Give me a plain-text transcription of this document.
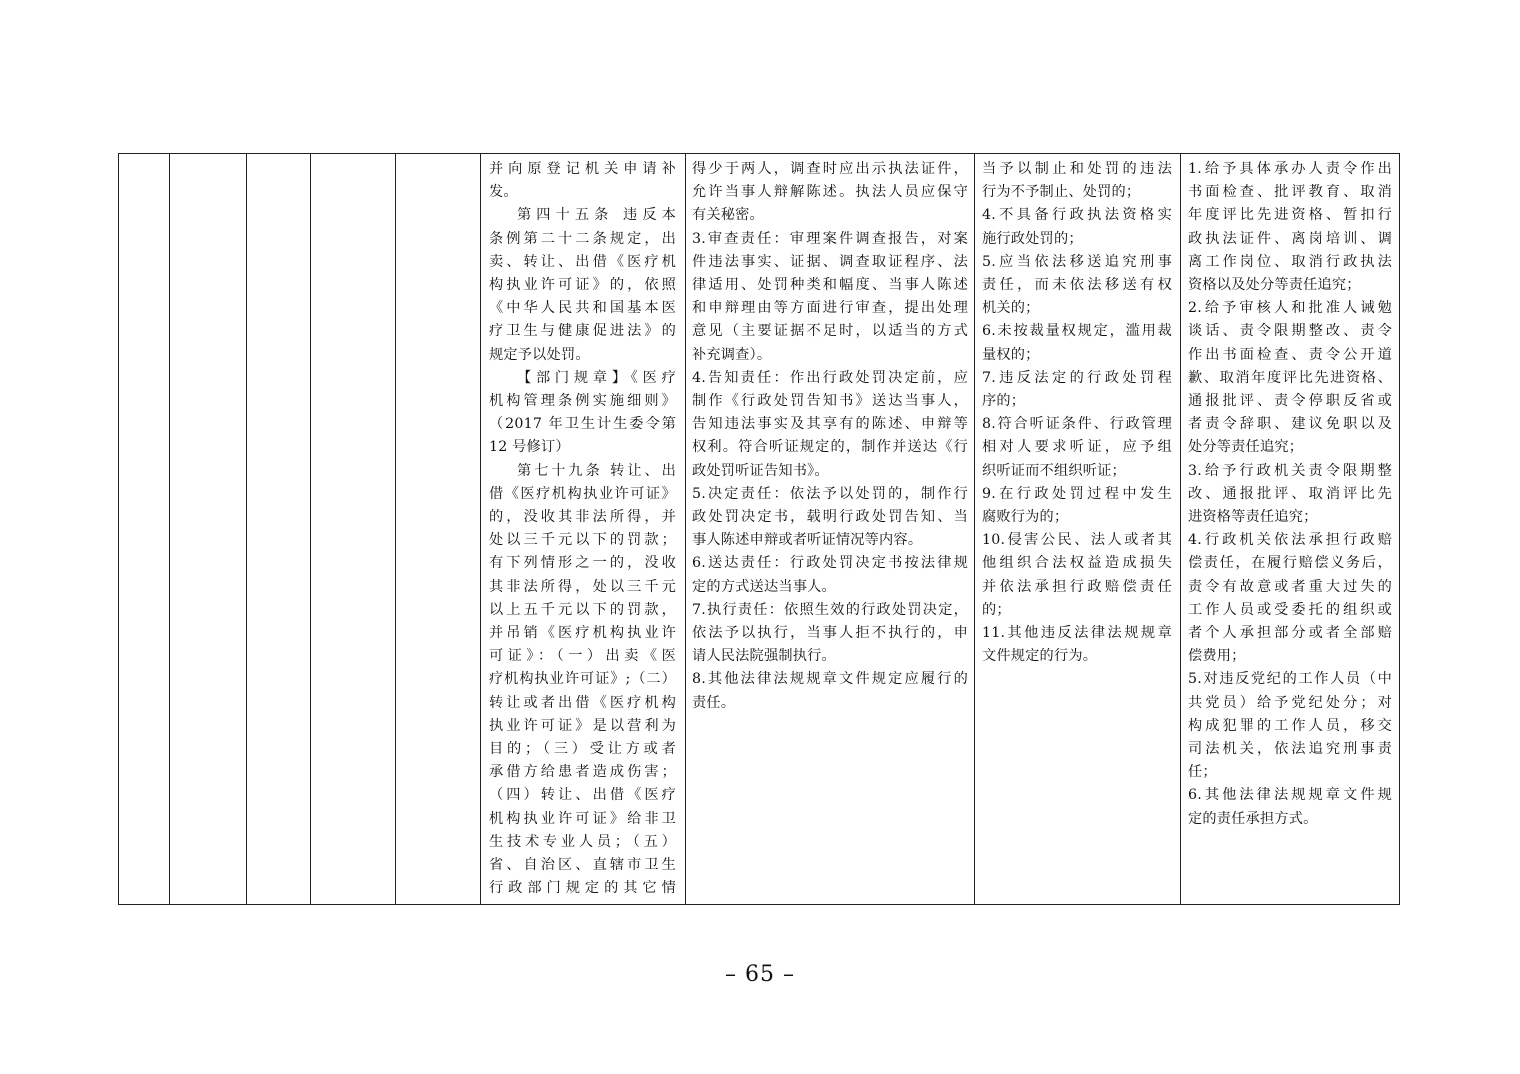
并向原登记机关申请补
发。
第四十五条 违反本
条例第二十二条规定，出
卖、转让、出借《医疗机
构执业许可证》的，依照
《中华人民共和国基本医
疗卫生与健康促进法》的
规定予以处罚。
【部门规章】《医疗
机构管理条例实施细则》
（2017 年卫生计生委令第
12 号修订）
第七十九条 转让、出
借《医疗机构执业许可证》
的，没收其非法所得，并
处以三千元以下的罚款；
有下列情形之一的，没收
其非法所得，处以三千元
以上五千元以下的罚款，
并吊销《医疗机构执业许
可证》：（一）出卖《医
疗机构执业许可证》;（二）
转让或者出借《医疗机构
执业许可证》是以营利为
目的；（三）受让方或者
承借方给患者造成伤害；
（四）转让、出借《医疗
机构执业许可证》给非卫
生技术专业人员；（五）
省、自治区、直辖市卫生
行政部门规定的其它情
得少于两人，调查时应出示执法证件，
允许当事人辩解陈述。执法人员应保守
有关秘密。
3.审查责任：审理案件调查报告，对案
件违法事实、证据、调查取证程序、法
律适用、处罚种类和幅度、当事人陈述
和申辩理由等方面进行审查，提出处理
意见（主要证据不足时，以适当的方式
补充调查）。
4.告知责任：作出行政处罚决定前，应
制作《行政处罚告知书》送达当事人，
告知违法事实及其享有的陈述、申辩等
权利。符合听证规定的，制作并送达《行
政处罚听证告知书》。
5.决定责任：依法予以处罚的，制作行
政处罚决定书，载明行政处罚告知、当
事人陈述申辩或者听证情况等内容。
6.送达责任：行政处罚决定书按法律规
定的方式送达当事人。
7.执行责任：依照生效的行政处罚决定，
依法予以执行，当事人拒不执行的，申
请人民法院强制执行。
8.其他法律法规规章文件规定应履行的
责任。
当予以制止和处罚的违法
行为不予制止、处罚的；
4.不具备行政执法资格实
施行政处罚的；
5.应当依法移送追究刑事
责任，而未依法移送有权
机关的；
6.未按裁量权规定，滥用裁
量权的；
7.违反法定的行政处罚程
序的；
8.符合听证条件、行政管理
相对人要求听证，应予组
织听证而不组织听证；
9.在行政处罚过程中发生
腐败行为的；
10.侵害公民、法人或者其
他组织合法权益造成损失
并依法承担行政赔偿责任
的；
11.其他违反法律法规规章
文件规定的行为。
1.给予具体承办人责令作出
书面检查、批评教育、取消
年度评比先进资格、暂扣行
政执法证件、离岗培训、调
离工作岗位、取消行政执法
资格以及处分等责任追究；
2.给予审核人和批准人诫勉
谈话、责令限期整改、责令
作出书面检查、责令公开道
歉、取消年度评比先进资格、
通报批评、责令停职反省或
者责令辞职、建议免职以及
处分等责任追究；
3.给予行政机关责令限期整
改、通报批评、取消评比先
进资格等责任追究；
4.行政机关依法承担行政赔
偿责任，在履行赔偿义务后，
责令有故意或者重大过失的
工作人员或受委托的组织或
者个人承担部分或者全部赔
偿费用；
5.对违反党纪的工作人员（中
共党员）给予党纪处分；对
构成犯罪的工作人员，移交
司法机关，依法追究刑事责
任；
6.其他法律法规规章文件规
定的责任承担方式。
– 65 –
